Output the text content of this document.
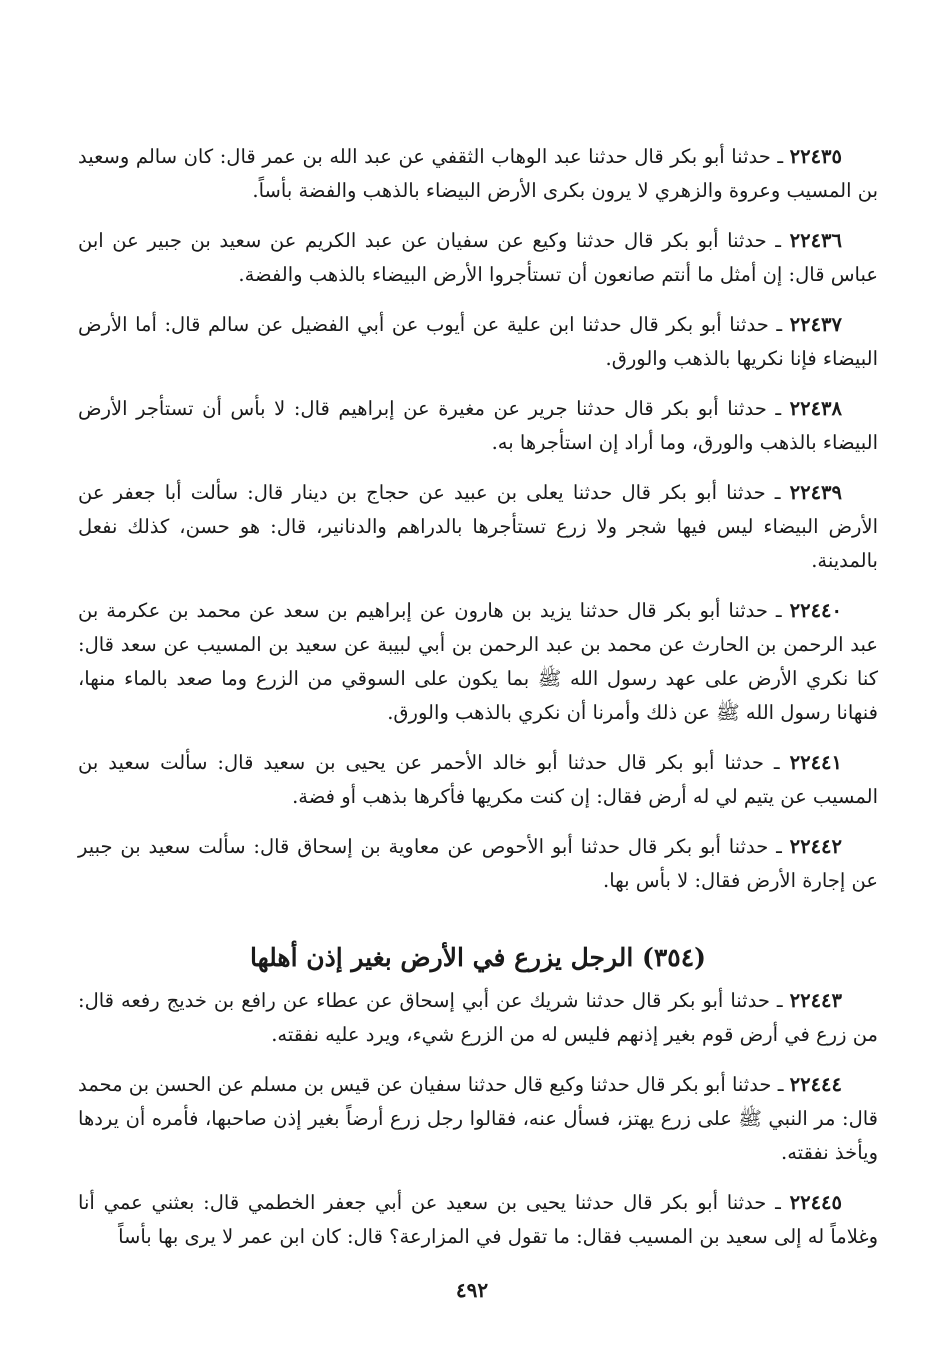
٢٢٤٣٥ ـ حدثنا أبو بكر قال حدثنا عبد الوهاب الثقفي عن عبد الله بن عمر قال: كان سالم وسعيد بن المسيب وعروة والزهري لا يرون بكرى الأرض البيضاء بالذهب والفضة بأساً.

٢٢٤٣٦ ـ حدثنا أبو بكر قال حدثنا وكيع عن سفيان عن عبد الكريم عن سعيد بن جبير عن ابن عباس قال: إن أمثل ما أنتم صانعون أن تستأجروا الأرض البيضاء بالذهب والفضة.

٢٢٤٣٧ ـ حدثنا أبو بكر قال حدثنا ابن علية عن أيوب عن أبي الفضيل عن سالم قال: أما الأرض البيضاء فإنا نكريها بالذهب والورق.

٢٢٤٣٨ ـ حدثنا أبو بكر قال حدثنا جرير عن مغيرة عن إبراهيم قال: لا بأس أن تستأجر الأرض البيضاء بالذهب والورق، وما أراد إن استأجرها به.

٢٢٤٣٩ ـ حدثنا أبو بكر قال حدثنا يعلى بن عبيد عن حجاج بن دينار قال: سألت أبا جعفر عن الأرض البيضاء ليس فيها شجر ولا زرع تستأجرها بالدراهم والدنانير، قال: هو حسن، كذلك نفعل بالمدينة.

٢٢٤٤٠ ـ حدثنا أبو بكر قال حدثنا يزيد بن هارون عن إبراهيم بن سعد عن محمد بن عكرمة بن عبد الرحمن بن الحارث عن محمد بن عبد الرحمن بن أبي لبيبة عن سعيد بن المسيب عن سعد قال: كنا نكري الأرض على عهد رسول الله ﷺ بما يكون على السوقي من الزرع وما صعد بالماء منها، فنهانا رسول الله ﷺ عن ذلك وأمرنا أن نكري بالذهب والورق.

٢٢٤٤١ ـ حدثنا أبو بكر قال حدثنا أبو خالد الأحمر عن يحيى بن سعيد قال: سألت سعيد بن المسيب عن يتيم لي له أرض فقال: إن كنت مكريها فأكرها بذهب أو فضة.

٢٢٤٤٢ ـ حدثنا أبو بكر قال حدثنا أبو الأحوص عن معاوية بن إسحاق قال: سألت سعيد بن جبير عن إجارة الأرض فقال: لا بأس بها.

(٣٥٤) الرجل يزرع في الأرض بغير إذن أهلها

٢٢٤٤٣ ـ حدثنا أبو بكر قال حدثنا شريك عن أبي إسحاق عن عطاء عن رافع بن خديج رفعه قال: من زرع في أرض قوم بغير إذنهم فليس له من الزرع شيء، ويرد عليه نفقته.

٢٢٤٤٤ ـ حدثنا أبو بكر قال حدثنا وكيع قال حدثنا سفيان عن قيس بن مسلم عن الحسن بن محمد قال: مر النبي ﷺ على زرع يهتز، فسأل عنه، فقالوا رجل زرع أرضاً بغير إذن صاحبها، فأمره أن يردها ويأخذ نفقته.

٢٢٤٤٥ ـ حدثنا أبو بكر قال حدثنا يحيى بن سعيد عن أبي جعفر الخطمي قال: بعثني عمي أنا وغلاماً له إلى سعيد بن المسيب فقال: ما تقول في المزارعة؟ قال: كان ابن عمر لا يرى بها بأساً

٤٩٢
